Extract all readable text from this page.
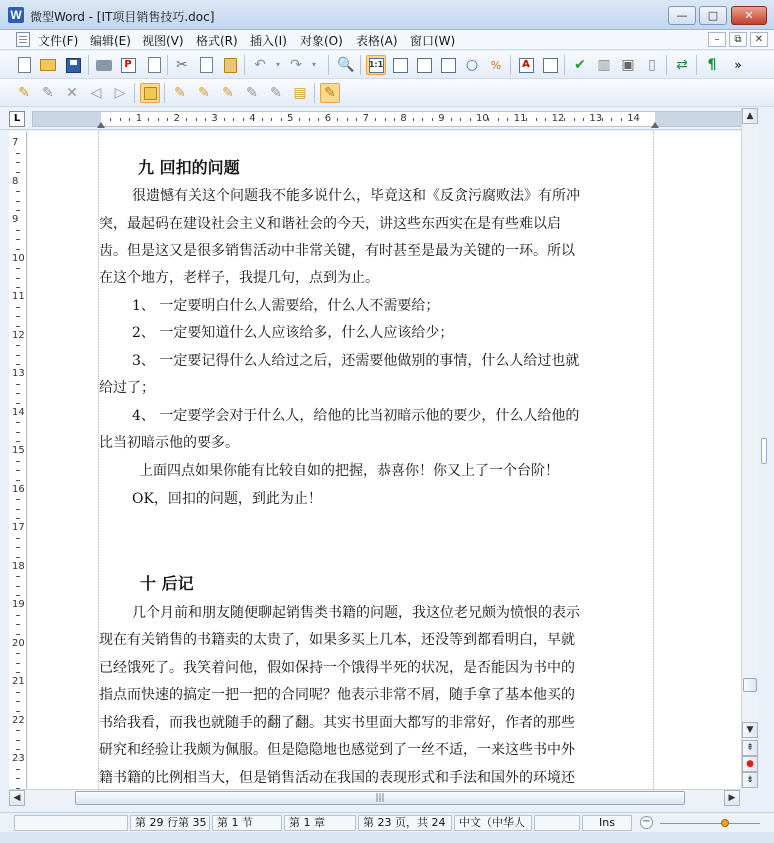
W 微型Word - [IT项目销售技巧.doc]	—	□	✕
文件(F) 编辑(E) 视图(V) 格式(R) 插入(I) 对象(O) 表格(A) 窗口(W)	–	⧉	✕
P	✂	↶	▾ ↷	▾	🔍 1:1	○	%	A	✔ ▥ ▣ ▯	⇄	¶	»
✎ ✎ ✕ ◁ ▷	✎ ✎ ✎ ✎ ✎ ▤ ✎
L	1	2	3	4	5	6	7	8	9	10	11	12	13	14
7
8
9
10
11
12
13
14
15
16
17
18
19
20
21
22
23
九 回扣的问题
很遗憾有关这个问题我不能多说什么，毕竟这和《反贪污腐败法》有所冲
突，最起码在建设社会主义和谐社会的今天，讲这些东西实在是有些难以启
齿。但是这又是很多销售活动中非常关键，有时甚至是最为关键的一环。所以
在这个地方，老样子，我提几句，点到为止。
1、 一定要明白什么人需要给，什么人不需要给；
2、 一定要知道什么人应该给多，什么人应该给少；
3、 一定要记得什么人给过之后，还需要他做别的事情，什么人给过也就
给过了；
4、 一定要学会对于什么人，给他的比当初暗示他的要少，什么人给他的
比当初暗示他的要多。
上面四点如果你能有比较自如的把握，恭喜你！你又上了一个台阶！
OK，回扣的问题，到此为止！
十 后记
几个月前和朋友随便聊起销售类书籍的问题，我这位老兄颇为愤恨的表示
现在有关销售的书籍卖的太贵了，如果多买上几本，还没等到都看明白，早就
已经饿死了。我笑着问他，假如保持一个饿得半死的状况，是否能因为书中的
指点而快速的搞定一把一把的合同呢？他表示非常不屑，随手拿了基本他买的
书给我看，而我也就随手的翻了翻。其实书里面大都写的非常好，作者的那些
研究和经验让我颇为佩服。但是隐隐地也感觉到了一丝不适，一来这些书中外
籍书籍的比例相当大，但是销售活动在我国的表现形式和手法和国外的环境还
▲
▼
⇞
●
⇟
◀	|||	▶
第 29 行第 35 第 1 节	第 1 章	第 23 页，共 24	中文（中华人	Ins	−
